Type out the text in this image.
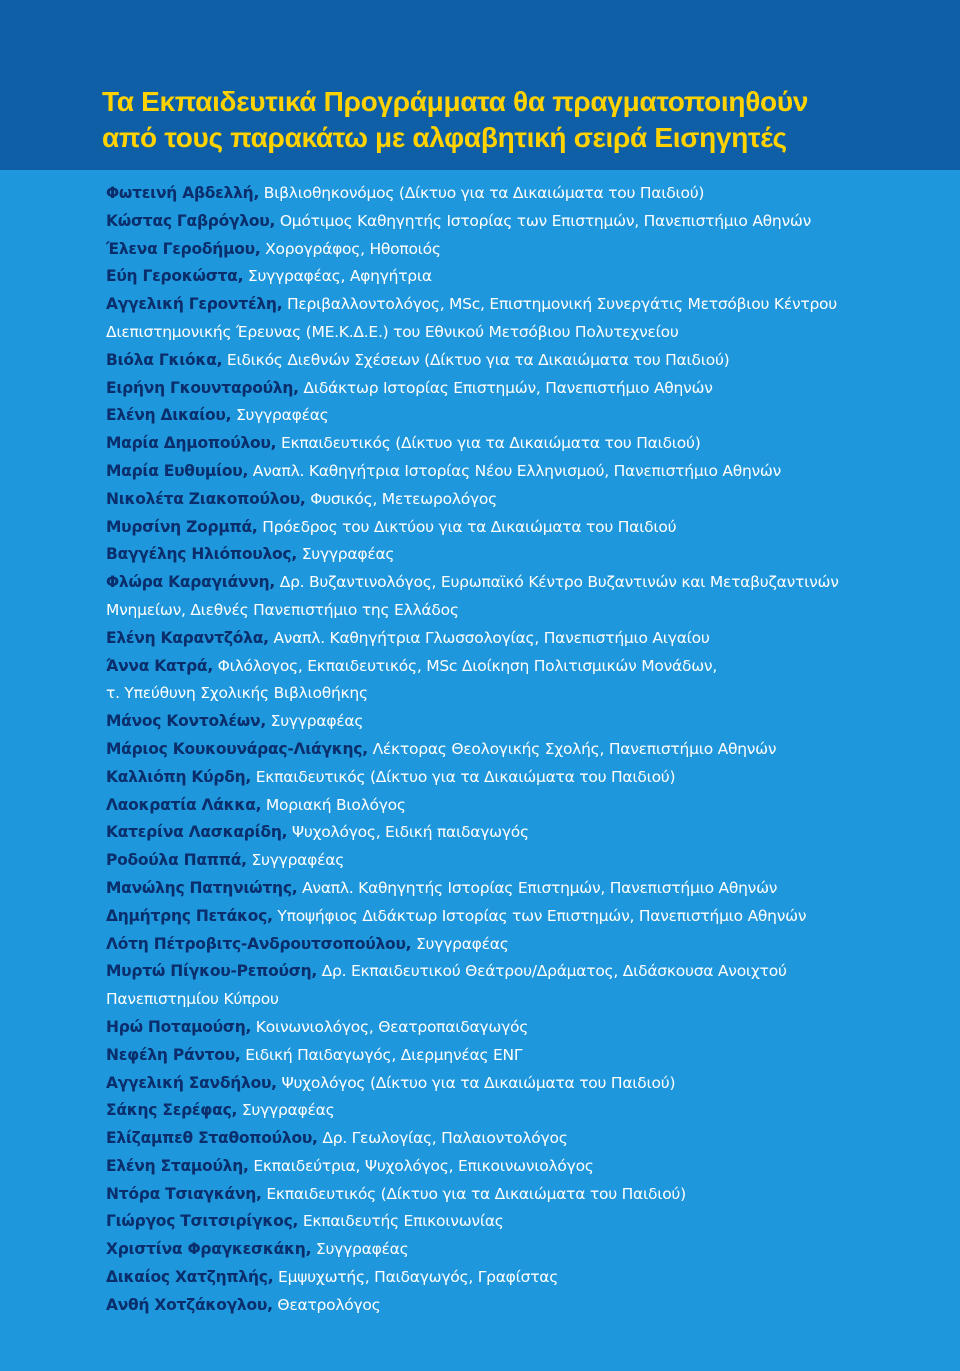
Τα Εκπαιδευτικά Προγράμματα θα πραγματοποιηθούν
από τους παρακάτω με αλφαβητική σειρά Εισηγητές
Φωτεινή Αβδελλή, Βιβλιοθηκονόμος (Δίκτυο για τα Δικαιώματα του Παιδιού)
Κώστας Γαβρόγλου, Ομότιμος Καθηγητής Ιστορίας των Επιστημών, Πανεπιστήμιο Αθηνών
Έλενα Γεροδήμου, Χορογράφος, Ηθοποιός
Εύη Γεροκώστα, Συγγραφέας, Αφηγήτρια
Αγγελική Γεροντέλη, Περιβαλλοντολόγος, MSc, Επιστημονική Συνεργάτις Μετσόβιου Κέντρου
Διεπιστημονικής Έρευνας (ΜΕ.Κ.Δ.Ε.) του Εθνικού Μετσόβιου Πολυτεχνείου
Βιόλα Γκιόκα, Ειδικός Διεθνών Σχέσεων (Δίκτυο για τα Δικαιώματα του Παιδιού)
Ειρήνη Γκουνταρούλη, Διδάκτωρ Ιστορίας Επιστημών, Πανεπιστήμιο Αθηνών
Ελένη Δικαίου, Συγγραφέας
Μαρία Δημοπούλου, Εκπαιδευτικός (Δίκτυο για τα Δικαιώματα του Παιδιού)
Μαρία Ευθυμίου, Αναπλ. Καθηγήτρια Ιστορίας Νέου Ελληνισμού, Πανεπιστήμιο Αθηνών
Νικολέτα Ζιακοπούλου, Φυσικός, Μετεωρολόγος
Μυρσίνη Ζορμπά, Πρόεδρος του Δικτύου για τα Δικαιώματα του Παιδιού
Βαγγέλης Ηλιόπουλος, Συγγραφέας
Φλώρα Καραγιάννη, Δρ. Βυζαντινολόγος, Ευρωπαϊκό Κέντρο Βυζαντινών και Μεταβυζαντινών
Μνημείων, Διεθνές Πανεπιστήμιο της Ελλάδος
Ελένη Καραντζόλα, Αναπλ. Καθηγήτρια Γλωσσολογίας, Πανεπιστήμιο Αιγαίου
Άννα Κατρά, Φιλόλογος, Εκπαιδευτικός, MSc Διοίκηση Πολιτισμικών Μονάδων,
τ. Υπεύθυνη Σχολικής Βιβλιοθήκης
Μάνος Κοντολέων, Συγγραφέας
Μάριος Κουκουνάρας-Λιάγκης, Λέκτορας Θεολογικής Σχολής, Πανεπιστήμιο Αθηνών
Καλλιόπη Κύρδη, Εκπαιδευτικός (Δίκτυο για τα Δικαιώματα του Παιδιού)
Λαοκρατία Λάκκα, Μοριακή Βιολόγος
Κατερίνα Λασκαρίδη, Ψυχολόγος, Ειδική παιδαγωγός
Ροδούλα Παππά, Συγγραφέας
Μανώλης Πατηνιώτης, Αναπλ. Καθηγητής Ιστορίας Επιστημών, Πανεπιστήμιο Αθηνών
Δημήτρης Πετάκος, Υποψήφιος Διδάκτωρ Ιστορίας των Επιστημών, Πανεπιστήμιο Αθηνών
Λότη Πέτροβιτς-Ανδρουτσοπούλου, Συγγραφέας
Μυρτώ Πίγκου-Ρεπούση, Δρ. Εκπαιδευτικού Θεάτρου/Δράματος, Διδάσκουσα Ανοιχτού
Πανεπιστημίου Κύπρου
Ηρώ Ποταμούση, Κοινωνιολόγος, Θεατροπαιδαγωγός
Νεφέλη Ράντου, Ειδική Παιδαγωγός, Διερμηνέας ΕΝΓ
Αγγελική Σανδήλου, Ψυχολόγος (Δίκτυο για τα Δικαιώματα του Παιδιού)
Σάκης Σερέφας, Συγγραφέας
Ελίζαμπεθ Σταθοπούλου, Δρ. Γεωλογίας, Παλαιοντολόγος
Ελένη Σταμούλη, Εκπαιδεύτρια, Ψυχολόγος, Επικοινωνιολόγος
Ντόρα Τσιαγκάνη, Εκπαιδευτικός (Δίκτυο για τα Δικαιώματα του Παιδιού)
Γιώργος Τσιτσιρίγκος, Εκπαιδευτής Επικοινωνίας
Χριστίνα Φραγκεσκάκη, Συγγραφέας
Δικαίος Χατζηπλής, Εμψυχωτής, Παιδαγωγός, Γραφίστας
Ανθή Χοτζάκογλου, Θεατρολόγος
